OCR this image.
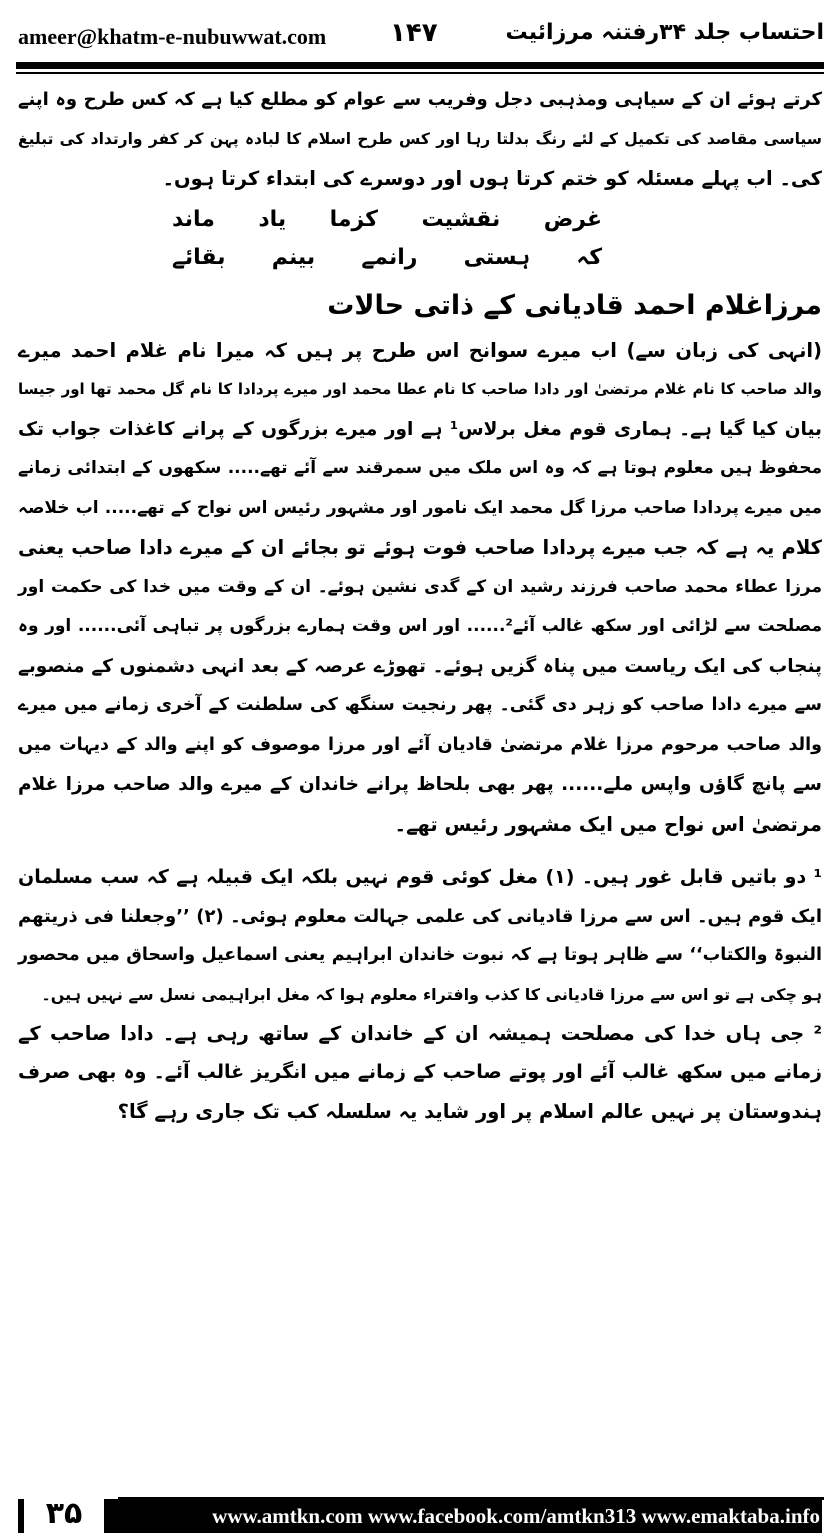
ameer@khatm-e-nubuwwat.com ۱۴۷	احتساب جلد ۳۴رفتنہ مرزائیت

کرتے ہوئے ان کے سیاہی ومذہبی دجل وفریب سے عوام کو مطلع کیا ہے کہ کس طرح وہ اپنے
سیاسی مقاصد کی تکمیل کے لئے رنگ بدلتا رہا اور کس طرح اسلام کا لبادہ پہن کر کفر وارتداد کی تبلیغ
کی۔ اب پہلے مسئلہ کو ختم کرتا ہوں اور دوسرے کی ابتداء کرتا ہوں۔

غرض
نقشیت
کزما
یاد
ماند
کہ
ہستی
رانمے
بینم
بقائے
مرزاغلام احمد قادیانی کے ذاتی حالات

(انہی کی زبان سے) اب میرے سوانح اس طرح پر ہیں کہ میرا نام غلام احمد میرے
والد صاحب کا نام غلام مرتضیٰ اور دادا صاحب کا نام عطا محمد اور میرے پردادا کا نام گل محمد تھا اور جیسا
بیان کیا گیا ہے۔ ہماری قوم مغل برلاس¹ ہے اور میرے بزرگوں کے پرانے کاغذات جواب تک
محفوظ ہیں معلوم ہوتا ہے کہ وہ اس ملک میں سمرقند سے آئے تھے..... سکھوں کے ابتدائی زمانے
میں میرے پردادا صاحب مرزا گل محمد ایک نامور اور مشہور رئیس اس نواح کے تھے..... اب خلاصہ
کلام یہ ہے کہ جب میرے پردادا صاحب فوت ہوئے تو بجائے ان کے میرے دادا صاحب یعنی
مرزا عطاء محمد صاحب فرزند رشید ان کے گدی نشین ہوئے۔ ان کے وقت میں خدا کی حکمت اور
مصلحت سے لڑائی اور سکھ غالب آئے²...... اور اس وقت ہمارے بزرگوں پر تباہی آئی...... اور وہ
پنجاب کی ایک ریاست میں پناہ گزیں ہوئے۔ تھوڑے عرصہ کے بعد انہی دشمنوں کے منصوبے
سے میرے دادا صاحب کو زہر دی گئی۔ پھر رنجیت سنگھ کی سلطنت کے آخری زمانے میں میرے
والد صاحب مرحوم مرزا غلام مرتضیٰ قادیان آئے اور مرزا موصوف کو اپنے والد کے دیہات میں
سے پانچ گاؤں واپس ملے...... پھر بھی بلحاظ پرانے خاندان کے میرے والد صاحب مرزا غلام
مرتضیٰ اس نواح میں ایک مشہور رئیس تھے۔

¹ دو باتیں قابل غور ہیں۔ (۱) مغل کوئی قوم نہیں بلکہ ایک قبیلہ ہے کہ سب مسلمان
ایک قوم ہیں۔ اس سے مرزا قادیانی کی علمی جہالت معلوم ہوئی۔ (۲) ’’وجعلنا فی ذریتھم
النبوۃ والکتاب‘‘ سے ظاہر ہوتا ہے کہ نبوت خاندان ابراہیم یعنی اسماعیل واسحاق میں محصور
ہو چکی ہے تو اس سے مرزا قادیانی کا کذب وافتراء معلوم ہوا کہ مغل ابراہیمی نسل سے نہیں ہیں۔

² جی ہاں خدا کی مصلحت ہمیشہ ان کے خاندان کے ساتھ رہی ہے۔ دادا صاحب کے
زمانے میں سکھ غالب آئے اور پوتے صاحب کے زمانے میں انگریز غالب آئے۔ وہ بھی صرف
ہندوستان پر نہیں عالم اسلام پر اور شاید یہ سلسلہ کب تک جاری رہے گا؟

۳۵	www.amtkn.com www.facebook.com/amtkn313 www.emaktaba.info
